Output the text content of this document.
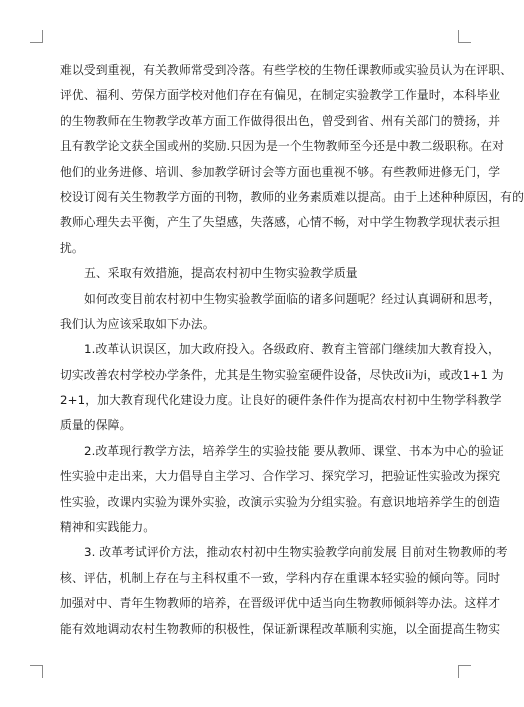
难以受到重视，有关教师常受到冷落。有些学校的生物任课教师或实验员认为在评职、
评优、福利、劳保方面学校对他们存在有偏见，在制定实验教学工作量时，本科毕业
的生物教师在生物教学改革方面工作做得很出色，曾受到省、州有关部门的赞扬，并
且有教学论文获全国或州的奖励.只因为是一个生物教师至今还是中教二级职称。在对
他们的业务进修、培训、参加教学研讨会等方面也重视不够。有些教师进修无门，学
校设订阅有关生物教学方面的刊物，教师的业务素质难以提高。由于上述种种原因，有的
教师心理失去平衡，产生了失望感，失落感，心情不畅，对中学生物教学现状表示担
扰。
五、采取有效措施，提高农村初中生物实验教学质量
如何改变目前农村初中生物实验教学面临的诸多问题呢？经过认真调研和思考，
我们认为应该采取如下办法。
1.改革认识误区，加大政府投入。各级政府、教育主管部门继续加大教育投入，
切实改善农村学校办学条件，尤其是生物实验室硬件设备，尽快改ii为i，或改1+1 为
2+1，加大教育现代化建设力度。让良好的硬件条件作为提高农村初中生物学科教学
质量的保障。
2.改革现行教学方法，培养学生的实验技能 要从教师、课堂、书本为中心的验证
性实验中走出来，大力倡导自主学习、合作学习、探究学习，把验证性实验改为探究
性实验，改课内实验为课外实验，改演示实验为分组实验。有意识地培养学生的创造
精神和实践能力。
3. 改革考试评价方法，推动农村初中生物实验教学向前发展 目前对生物教师的考
核、评估，机制上存在与主科权重不一致，学科内存在重课本轻实验的倾向等。同时
加强对中、青年生物教师的培养，在晋级评优中适当向生物教师倾斜等办法。这样才
能有效地调动农村生物教师的积极性，保证新课程改革顺利实施，以全面提高生物实
